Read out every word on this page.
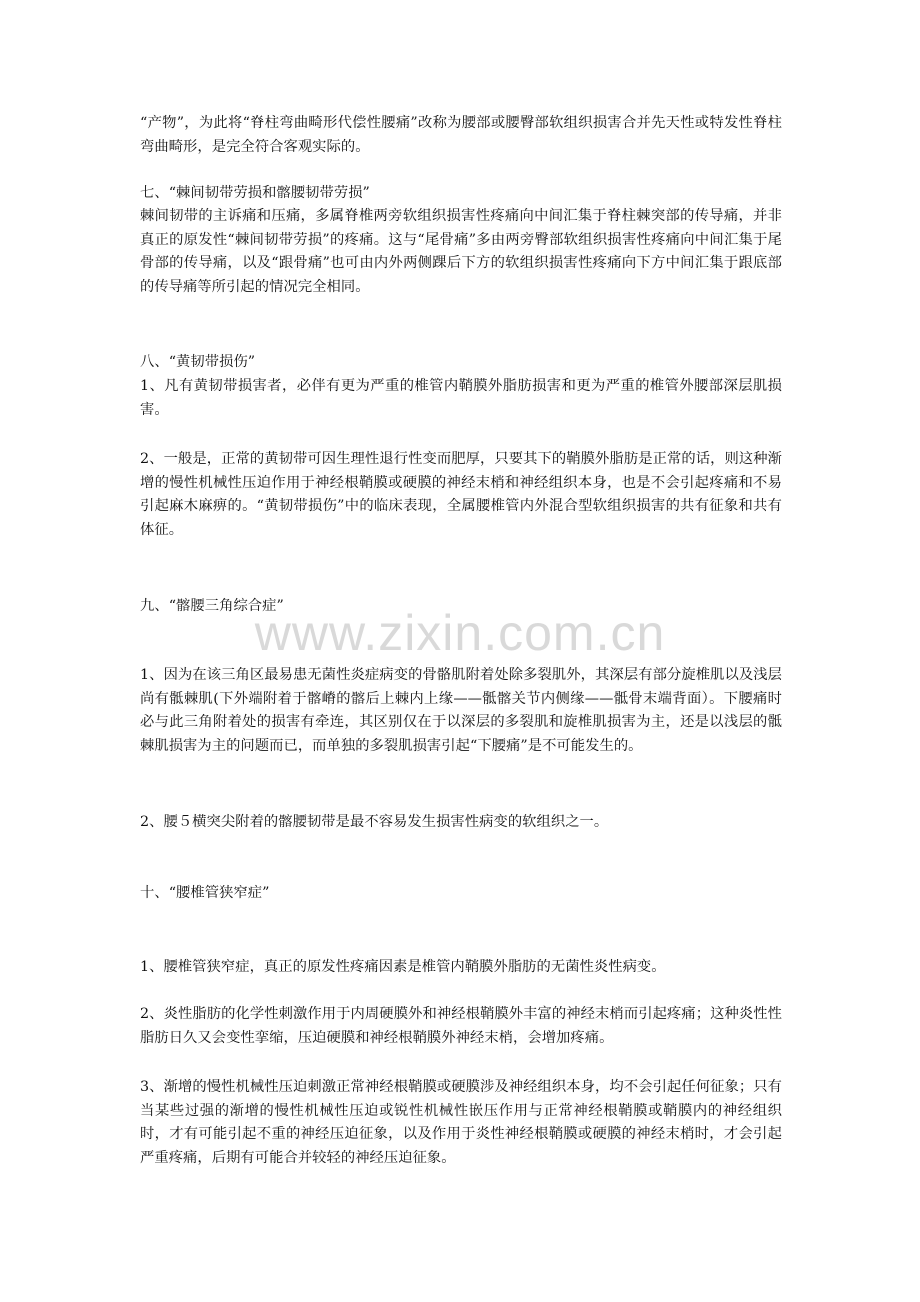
www.zixin.com.cn

“产物”，为此将“脊柱弯曲畸形代偿性腰痛”改称为腰部或腰臀部软组织损害合并先天性或特发性脊柱弯曲畸形，是完全符合客观实际的。

七、“棘间韧带劳损和髂腰韧带劳损”

棘间韧带的主诉痛和压痛，多属脊椎两旁软组织损害性疼痛向中间汇集于脊柱棘突部的传导痛，并非真正的原发性“棘间韧带劳损”的疼痛。这与“尾骨痛”多由两旁臀部软组织损害性疼痛向中间汇集于尾骨部的传导痛，以及“跟骨痛”也可由内外两侧踝后下方的软组织损害性疼痛向下方中间汇集于跟底部的传导痛等所引起的情况完全相同。

八、“黄韧带损伤”

1、凡有黄韧带损害者，必伴有更为严重的椎管内鞘膜外脂肪损害和更为严重的椎管外腰部深层肌损害。

2、一般是，正常的黄韧带可因生理性退行性变而肥厚，只要其下的鞘膜外脂肪是正常的话，则这种渐增的慢性机械性压迫作用于神经根鞘膜或硬膜的神经末梢和神经组织本身，也是不会引起疼痛和不易引起麻木麻痹的。“黄韧带损伤”中的临床表现，全属腰椎管内外混合型软组织损害的共有征象和共有体征。

九、“髂腰三角综合症”

1、因为在该三角区最易患无菌性炎症病变的骨骼肌附着处除多裂肌外，其深层有部分旋椎肌以及浅层尚有骶棘肌(下外端附着于髂嵴的髂后上棘内上缘——骶髂关节内侧缘——骶骨末端背面）。下腰痛时必与此三角附着处的损害有牵连，其区别仅在于以深层的多裂肌和旋椎肌损害为主，还是以浅层的骶棘肌损害为主的问题而已，而单独的多裂肌损害引起“下腰痛”是不可能发生的。

2、腰５横突尖附着的髂腰韧带是最不容易发生损害性病变的软组织之一。

十、“腰椎管狭窄症”

1、腰椎管狭窄症，真正的原发性疼痛因素是椎管内鞘膜外脂肪的无菌性炎性病变。

2、炎性脂肪的化学性刺激作用于内周硬膜外和神经根鞘膜外丰富的神经末梢而引起疼痛；这种炎性性脂肪日久又会变性挛缩，压迫硬膜和神经根鞘膜外神经末梢，会增加疼痛。

3、渐增的慢性机械性压迫刺激正常神经根鞘膜或硬膜涉及神经组织本身，均不会引起任何征象；只有当某些过强的渐增的慢性机械性压迫或锐性机械性嵌压作用与正常神经根鞘膜或鞘膜内的神经组织时，才有可能引起不重的神经压迫征象，以及作用于炎性神经根鞘膜或硬膜的神经末梢时，才会引起严重疼痛，后期有可能合并较轻的神经压迫征象。
